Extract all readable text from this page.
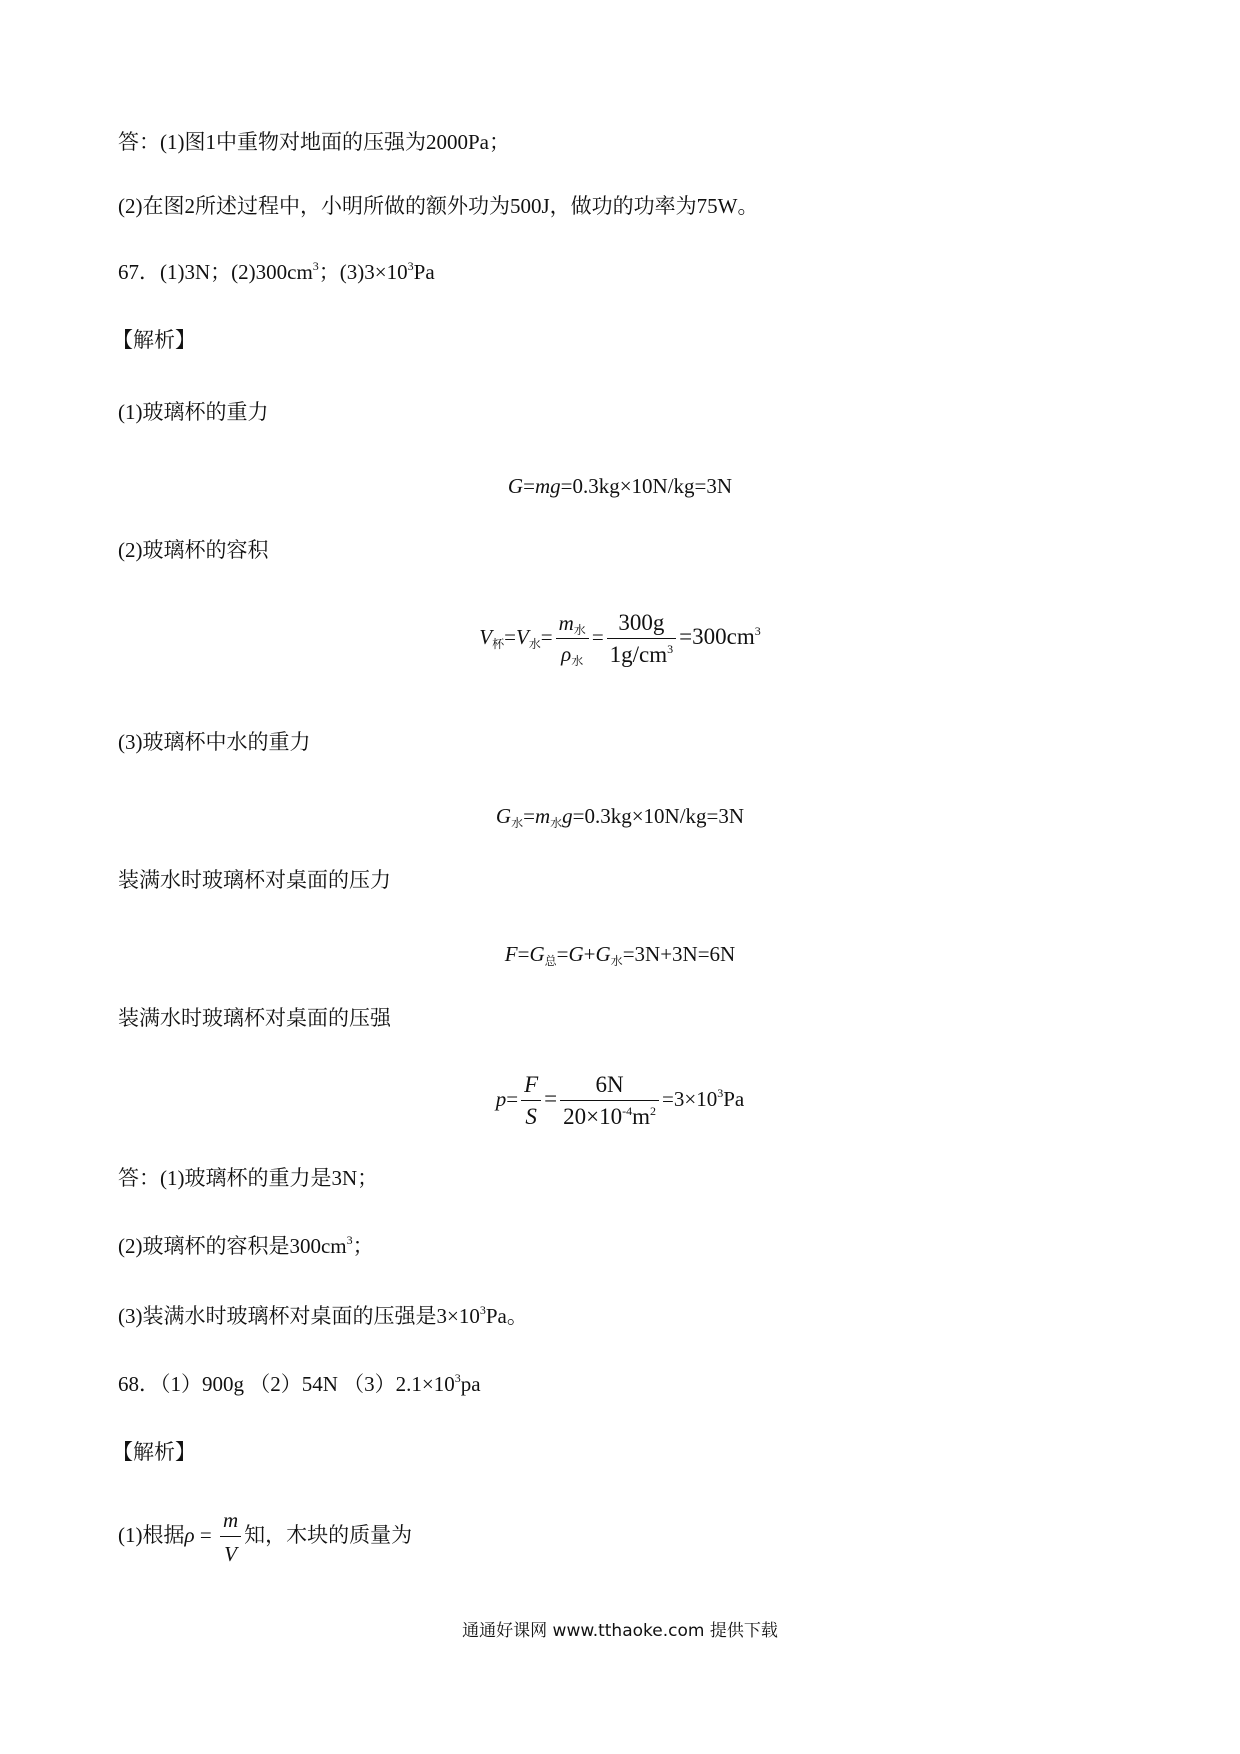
答：(1)图1中重物对地面的压强为2000Pa；
(2)在图2所述过程中，小明所做的额外功为500J，做功的功率为75W。
67．(1)3N；$(2)300cm^3$；$(3)3\times 10^3Pa$
【解析】
(1)玻璃杯的重力
G=mg=0.3kg×10N/kg=3N
(2)玻璃杯的容积
$V_杯=V_水= \frac{m_水}{\rho_水} = \frac{300g}{1g/cm^3} =300cm^3$
(3)玻璃杯中水的重力
$G_水=m_水g=0.3kg\times 10N/kg=3N$
装满水时玻璃杯对桌面的压力
$F=G_总=G+G_水=3N+3N=6N$
装满水时玻璃杯对桌面的压强
$p= \frac{F}{S} = \frac{6N}{20\times 10^{-4}m^2} =3\times 10^3Pa$
答：(1)玻璃杯的重力是3N；
(2)玻璃杯的容积是$300cm^3$；
(3)装满水时玻璃杯对桌面的压强是$3\times 10^3Pa$。
68．（1）900g （2）54N $(3)2.1\times 10^3pa$
【解析】
(1)根据$\rho = \frac{m}{V}$ 知，木块的质量为
通通好课网 www.tthaoke.com 提供下载
